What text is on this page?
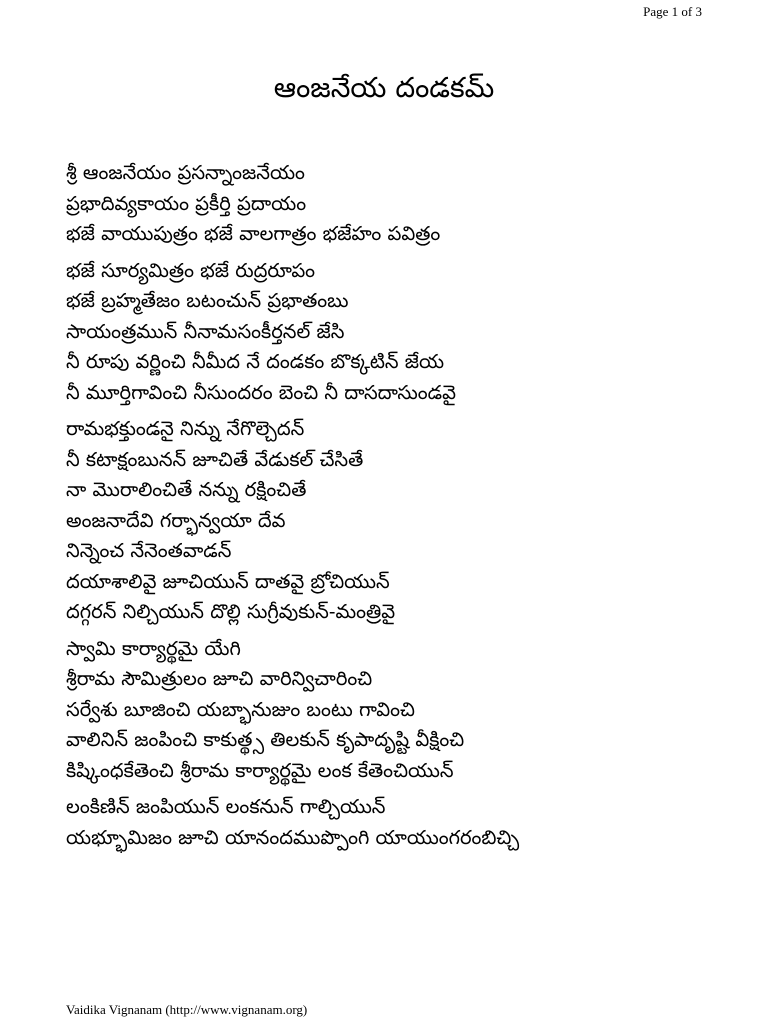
Page 1 of 3
ఆంజనేయ దండకమ్
శ్రీ ఆంజనేయం ప్రసన్నాంజనేయం
ప్రభాదివ్యకాయం ప్రకీర్తి ప్రదాయం
భజే వాయుపుత్రం భజే వాలగాత్రం భజేహం పవిత్రం
భజే సూర్యమిత్రం భజే రుద్రరూపం
భజే బ్రహ్మతేజం బటంచున్ ప్రభాతంబు
సాయంత్రమున్ నీనామసంకీర్తనల్ జేసి
నీ రూపు వర్ణించి నీమీద నే దండకం బొక్కటిన్ జేయ
నీ మూర్తిగావించి నీసుందరం బెంచి నీ దాసదాసుండవై
రామభక్తుండనై నిన్ను నేగొల్చెదన్
నీ కటాక్షంబునన్ జూచితే వేడుకల్ చేసితే
నా మొరాలించితే నన్ను రక్షించితే
అంజనాదేవి గర్భాన్వయా దేవ
నిన్నెంచ నేనెంతవాడన్
దయాశాలివై జూచియున్ దాతవై బ్రోచియున్
దగ్గరన్ నిల్చియున్ దొల్లి సుగ్రీవుకున్-మంత్రివై
స్వామి కార్యార్థమై యేగి
శ్రీరామ సౌమిత్రులం జూచి వారిన్విచారించి
సర్వేశు బూజించి యబ్భానుజుం బంటు గావించి
వాలినిన్ జంపించి కాకుత్థ్స తిలకున్ కృపాదృష్టి వీక్షించి
కిష్కింధకేతెంచి శ్రీరామ కార్యార్థమై లంక కేతెంచియున్
లంకిణిన్ జంపియున్ లంకనున్ గాల్చియున్
యభ్భూమిజం జూచి యానందముప్పొంగి యాయుంగరంబిచ్చి
Vaidika Vignanam (http://www.vignanam.org)
